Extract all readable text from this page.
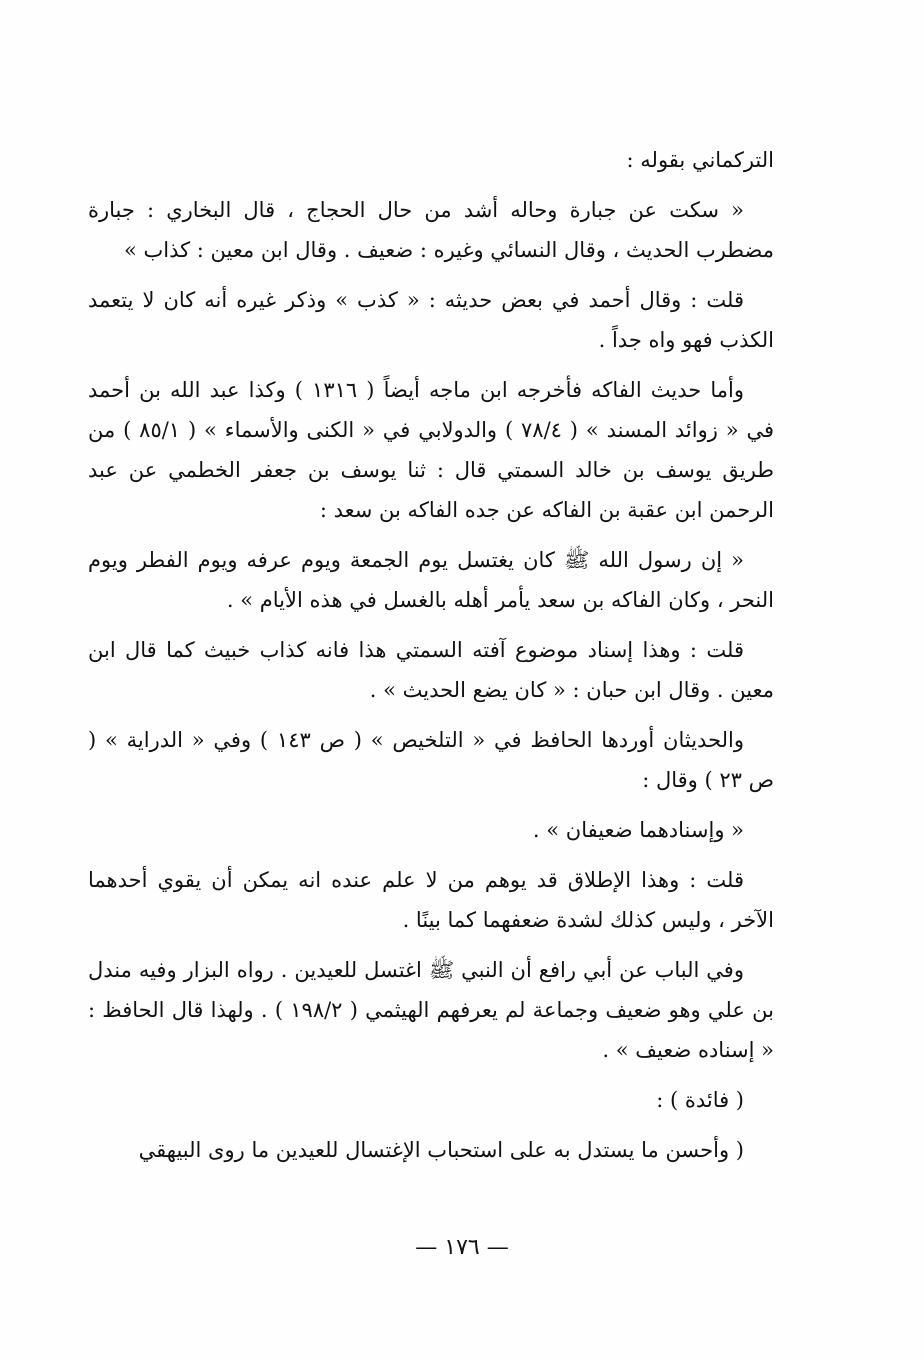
التركماني بقوله :

« سكت عن جبارة وحاله أشد من حال الحجاج ، قال البخاري : جبارة مضطرب الحديث ، وقال النسائي وغيره : ضعيف . وقال ابن معين : كذاب »

قلت : وقال أحمد في بعض حديثه : « كذب » وذكر غيره أنه كان لا يتعمد الكذب فهو واه جداً .

وأما حديث الفاكه فأخرجه ابن ماجه أيضاً ( ١٣١٦ ) وكذا عبد الله بن أحمد في « زوائد المسند » ( ٧٨/٤ ) والدولابي في « الكنى والأسماء » ( ٨٥/١ ) من طريق يوسف بن خالد السمتي قال : ثنا يوسف بن جعفر الخطمي عن عبد الرحمن ابن عقبة بن الفاكه عن جده الفاكه بن سعد :

« إن رسول الله ﷺ كان يغتسل يوم الجمعة ويوم عرفه ويوم الفطر ويوم النحر ، وكان الفاكه بن سعد يأمر أهله بالغسل في هذه الأيام » .

قلت : وهذا إسناد موضوع آفته السمتي هذا فانه كذاب خبيث كما قال ابن معين . وقال ابن حبان : « كان يضع الحديث » .

والحديثان أوردها الحافظ في « التلخيص » ( ص ١٤٣ ) وفي « الدراية » ( ص ٢٣ ) وقال :

« وإسنادهما ضعيفان » .

قلت : وهذا الإطلاق قد يوهم من لا علم عنده انه يمكن أن يقوي أحدهما الآخر ، وليس كذلك لشدة ضعفهما كما بينًا .

وفي الباب عن أبي رافع أن النبي ﷺ اغتسل للعيدين . رواه البزار وفيه مندل بن علي وهو ضعيف وجماعة لم يعرفهم الهيثمي ( ١٩٨/٢ ) . ولهذا قال الحافظ : « إسناده ضعيف » .

( فائدة ) :

( وأحسن ما يستدل به على استحباب الإغتسال للعيدين ما روى البيهقي

— ١٧٦ —
